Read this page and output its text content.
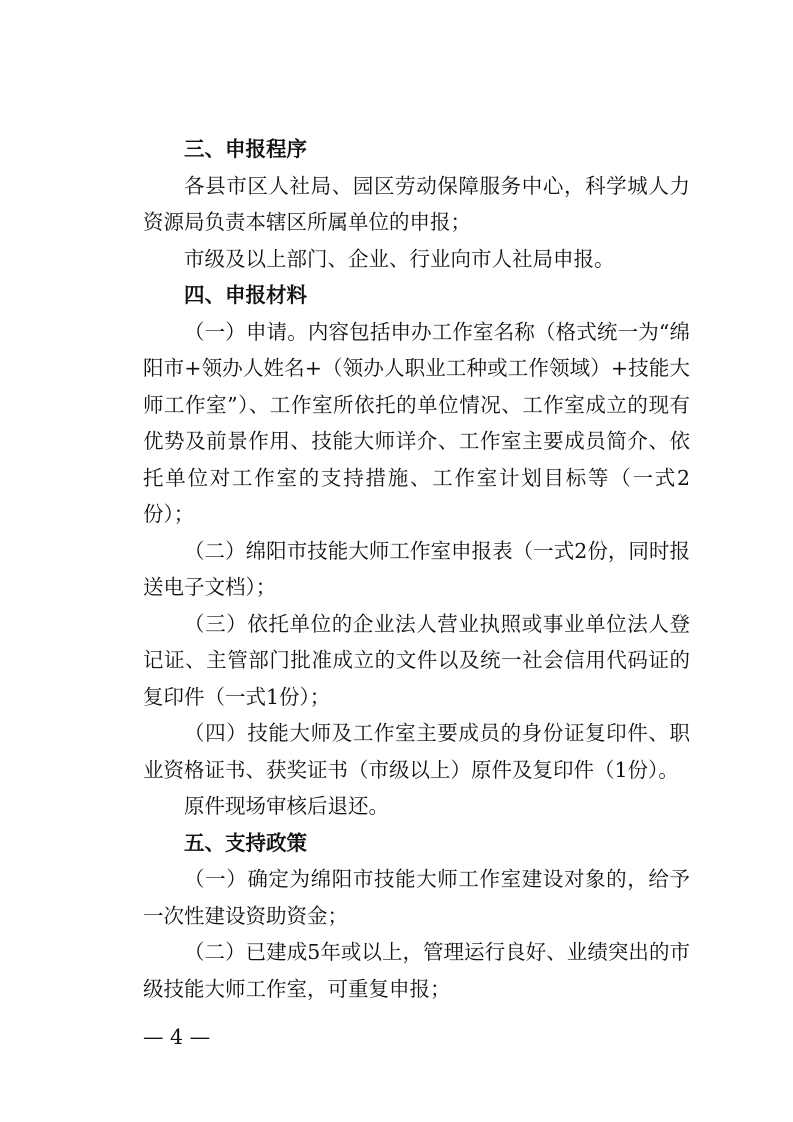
三、申报程序

各县市区人社局、园区劳动保障服务中心，科学城人力资源局负责本辖区所属单位的申报；

市级及以上部门、企业、行业向市人社局申报。

四、申报材料

（一）申请。内容包括申办工作室名称（格式统一为“绵阳市+领办人姓名+（领办人职业工种或工作领域）+技能大师工作室”）、工作室所依托的单位情况、工作室成立的现有优势及前景作用、技能大师详介、工作室主要成员简介、依托单位对工作室的支持措施、工作室计划目标等（一式2份）；

（二）绵阳市技能大师工作室申报表（一式2份，同时报送电子文档）；

（三）依托单位的企业法人营业执照或事业单位法人登记证、主管部门批准成立的文件以及统一社会信用代码证的复印件（一式1份）；

（四）技能大师及工作室主要成员的身份证复印件、职业资格证书、获奖证书（市级以上）原件及复印件（1份）。

原件现场审核后退还。

五、支持政策

（一）确定为绵阳市技能大师工作室建设对象的，给予一次性建设资助资金；

（二）已建成5年或以上，管理运行良好、业绩突出的市级技能大师工作室，可重复申报；

— 4 —
